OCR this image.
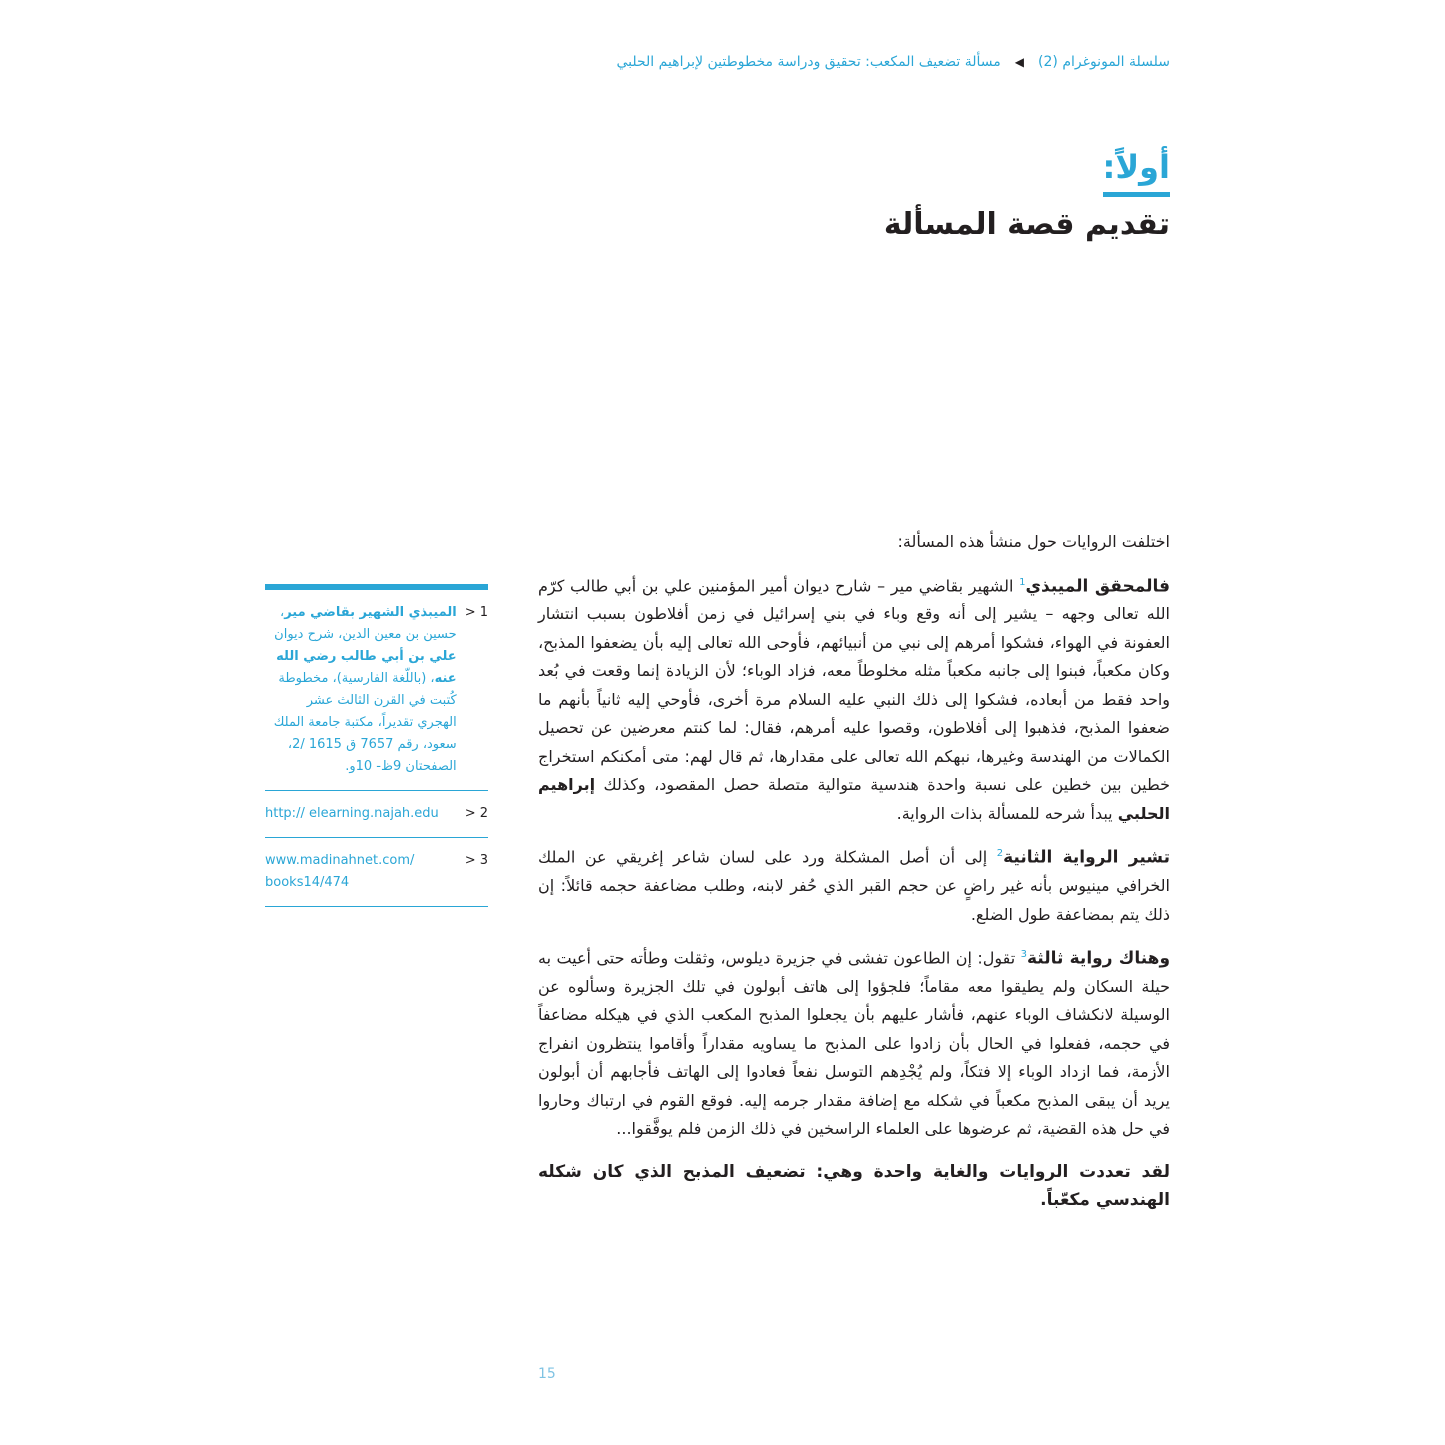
سلسلة المونوغرام (2)
◀
مسألة تضعيف المكعب: تحقيق ودراسة مخطوطتين لإبراهيم الحلبي
أولاً:
تقديم قصة المسألة

اختلفت الروايات حول منشأ هذه المسألة:

فالمحقق الميبذي$^1$ الشهير بقاضي مير – شارح ديوان أمير المؤمنين علي بن أبي طالب كرّم الله تعالى وجهه – يشير إلى أنه وقع وباء في بني إسرائيل في زمن أفلاطون بسبب انتشار العفونة في الهواء، فشكوا أمرهم إلى نبي من أنبيائهم، فأوحى الله تعالى إليه بأن يضعفوا المذبح، وكان مكعباً، فبنوا إلى جانبه مكعباً مثله مخلوطاً معه، فزاد الوباء؛ لأن الزيادة إنما وقعت في بُعد واحد فقط من أبعاده، فشكوا إلى ذلك النبي عليه السلام مرة أخرى، فأوحي إليه ثانياً بأنهم ما ضعفوا المذبح، فذهبوا إلى أفلاطون، وقصوا عليه أمرهم، فقال: لما كنتم معرضين عن تحصيل الكمالات من الهندسة وغيرها، نبهكم الله تعالى على مقدارها، ثم قال لهم: متى أمكنكم استخراج خطين بين خطين على نسبة واحدة هندسية متوالية متصلة حصل المقصود، وكذلك إبراهيم الحلبي يبدأ شرحه للمسألة بذات الرواية.

تشير الرواية الثانية$^2$ إلى أن أصل المشكلة ورد على لسان شاعر إغريقي عن الملك الخرافي مينيوس بأنه غير راضٍ عن حجم القبر الذي حُفر لابنه، وطلب مضاعفة حجمه قائلاً: إن ذلك يتم بمضاعفة طول الضلع.

وهناك رواية ثالثة$^3$ تقول: إن الطاعون تفشى في جزيرة ديلوس، وثقلت وطأته حتى أعيت به حيلة السكان ولم يطيقوا معه مقاماً؛ فلجؤوا إلى هاتف أبولون في تلك الجزيرة وسألوه عن الوسيلة لانكشاف الوباء عنهم، فأشار عليهم بأن يجعلوا المذبح المكعب الذي في هيكله مضاعفاً في حجمه، ففعلوا في الحال بأن زادوا على المذبح ما يساويه مقداراً وأقاموا ينتظرون انفراج الأزمة، فما ازداد الوباء إلا فتكاً، ولم يُجْدِهم التوسل نفعاً فعادوا إلى الهاتف فأجابهم أن أبولون يريد أن يبقى المذبح مكعباً في شكله مع إضافة مقدار جرمه إليه. فوقع القوم في ارتباك وحاروا في حل هذه القضية، ثم عرضوها على العلماء الراسخين في ذلك الزمن فلم يوفَّقوا...

لقد تعددت الروايات والغاية واحدة وهي: تضعيف المذبح الذي كان شكله الهندسي مكعّباً.

1 <
الميبذي الشهير بقاضي مير، حسين بن معين الدين، شرح ديوان علي بن أبي طالب رضي الله عنه، (باللّغة الفارسية)، مخطوطة كُتبت في القرن الثالث عشر الهجري تقديراً، مكتبة جامعة الملك سعود، رقم 7657 ق 1615 /2، الصفحتان 9ظ- 10و.
2 <
http:// elearning.najah.edu
3 <
www.madinahnet.com/ books14/474
15
